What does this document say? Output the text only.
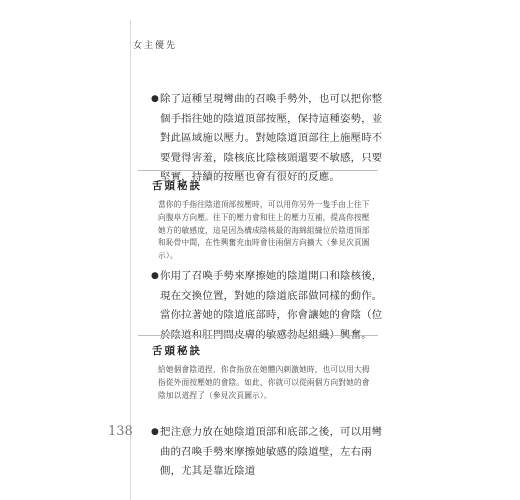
女主優先
● 除了這種呈現彎曲的召喚手勢外，也可以把你整個手指往她的陰道頂部按壓，保持這種姿勢，並對此區域施以壓力。對她陰道頂部往上施壓時不要覺得害羞，陰核底比陰核頭還要不敏感，只要堅實，持續的按壓也會有很好的反應。

舌頭秘訣

當你的手指往陰道頂部按壓時，可以用你另外一隻手由上往下向腹阜方向壓。往下的壓力會和往上的壓力互補，提高你按壓她方的敏感度，這是因為構成陰核最的海綿組織位於陰道頂部和恥骨中間，在性興奮充血時會往兩個方向擴大（參見次頁圖示）。

● 你用了召喚手勢來摩擦她的陰道開口和陰核後，現在交換位置，對她的陰道底部做同樣的動作。當你拉著她的陰道底部時，你會讓她的會陰（位於陰道和肛門間皮膚的敏感勃起組織）興奮。

舌頭秘訣

給她個會陰道捏，你食指放在她體內刺激她時，也可以用大拇指從外面按壓她的會陰。如此，你就可以從兩個方向對她的會陰加以道捏了（參見次頁圖示）。

● 把注意力放在她陰道頂部和底部之後，可以用彎曲的召喚手勢來摩擦她敏感的陰道壁，左右兩側，尤其是靠近陰道

138
